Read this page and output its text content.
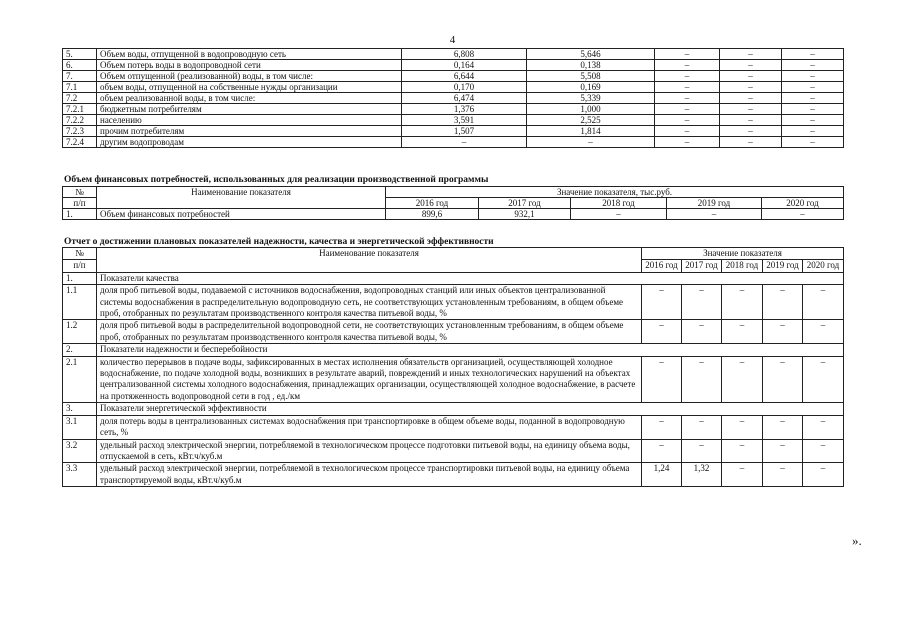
4
5.	Объем воды, отпущенной в водопроводную сеть	6,808	5,646	–	–	–
6.	Объем потерь воды в водопроводной сети	0,164	0,138	–	–	–
7.	Объем отпущенной (реализованной) воды, в том числе:	6,644	5,508	–	–	–
7.1	объем воды, отпущенной на собственные нужды организации	0,170	0,169	–	–	–
7.2	объем реализованной воды, в том числе:	6,474	5,339	–	–	–
7.2.1	бюджетным потребителям	1,376	1,000	–	–	–
7.2.2	населению	3,591	2,525	–	–	–
7.2.3	прочим потребителям	1,507	1,814	–	–	–
7.2.4	другим водопроводам	–	–	–	–	–
Объем финансовых потребностей, использованных для реализации производственной программы
№	Наименование показателя	Значение показателя, тыс.руб.				
п/п		2016 год	2017 год	2018 год	2019 год	2020 год
1.	Объем финансовых потребностей	899,6	932,1	–	–	–
Отчет о достижении плановых показателей надежности, качества и энергетической эффективности
№	Наименование показателя	Значение показателя				
п/п		2016 год	2017 год	2018 год	2019 год	2020 год
1.	Показатели качества					
1.1	доля проб питьевой воды, подаваемой с источников водоснабжения, водопроводных станций или иных объектов централизованной системы водоснабжения в распределительную водопроводную сеть, не соответствующих установленным требованиям, в общем объеме проб, отобранных по результатам производственного контроля качества питьевой воды, %	–	–	–	–	–
1.2	доля проб питьевой воды в распределительной водопроводной сети, не соответствующих установленным требованиям, в общем объеме проб, отобранных по результатам производственного контроля качества питьевой воды, %	–	–	–	–	–
2.	Показатели надежности и бесперебойности					
2.1	количество перерывов в подаче воды, зафиксированных в местах исполнения обязательств организацией, осуществляющей холодное водоснабжение, по подаче холодной воды, возникших в результате аварий, повреждений и иных технологических нарушений на объектах централизованной системы холодного водоснабжения, принадлежащих организации, осуществляющей холодное водоснабжение, в расчете на протяженность водопроводной сети в год , ед./км	–	–	–	–	–
3.	Показатели энергетической эффективности					
3.1	доля потерь воды в централизованных системах водоснабжения при транспортировке в общем объеме воды, поданной в водопроводную сеть, %	–	–	–	–	–
3.2	удельный расход электрической энергии, потребляемой в технологическом процессе подготовки питьевой воды, на единицу объема воды, отпускаемой в сеть, кВт.ч/куб.м	–	–	–	–	–
3.3	удельный расход электрической энергии, потребляемой в технологическом процессе транспортировки питьевой воды, на единицу объема транспортируемой воды, кВт.ч/куб.м	1,24	1,32	–	–	–
».
